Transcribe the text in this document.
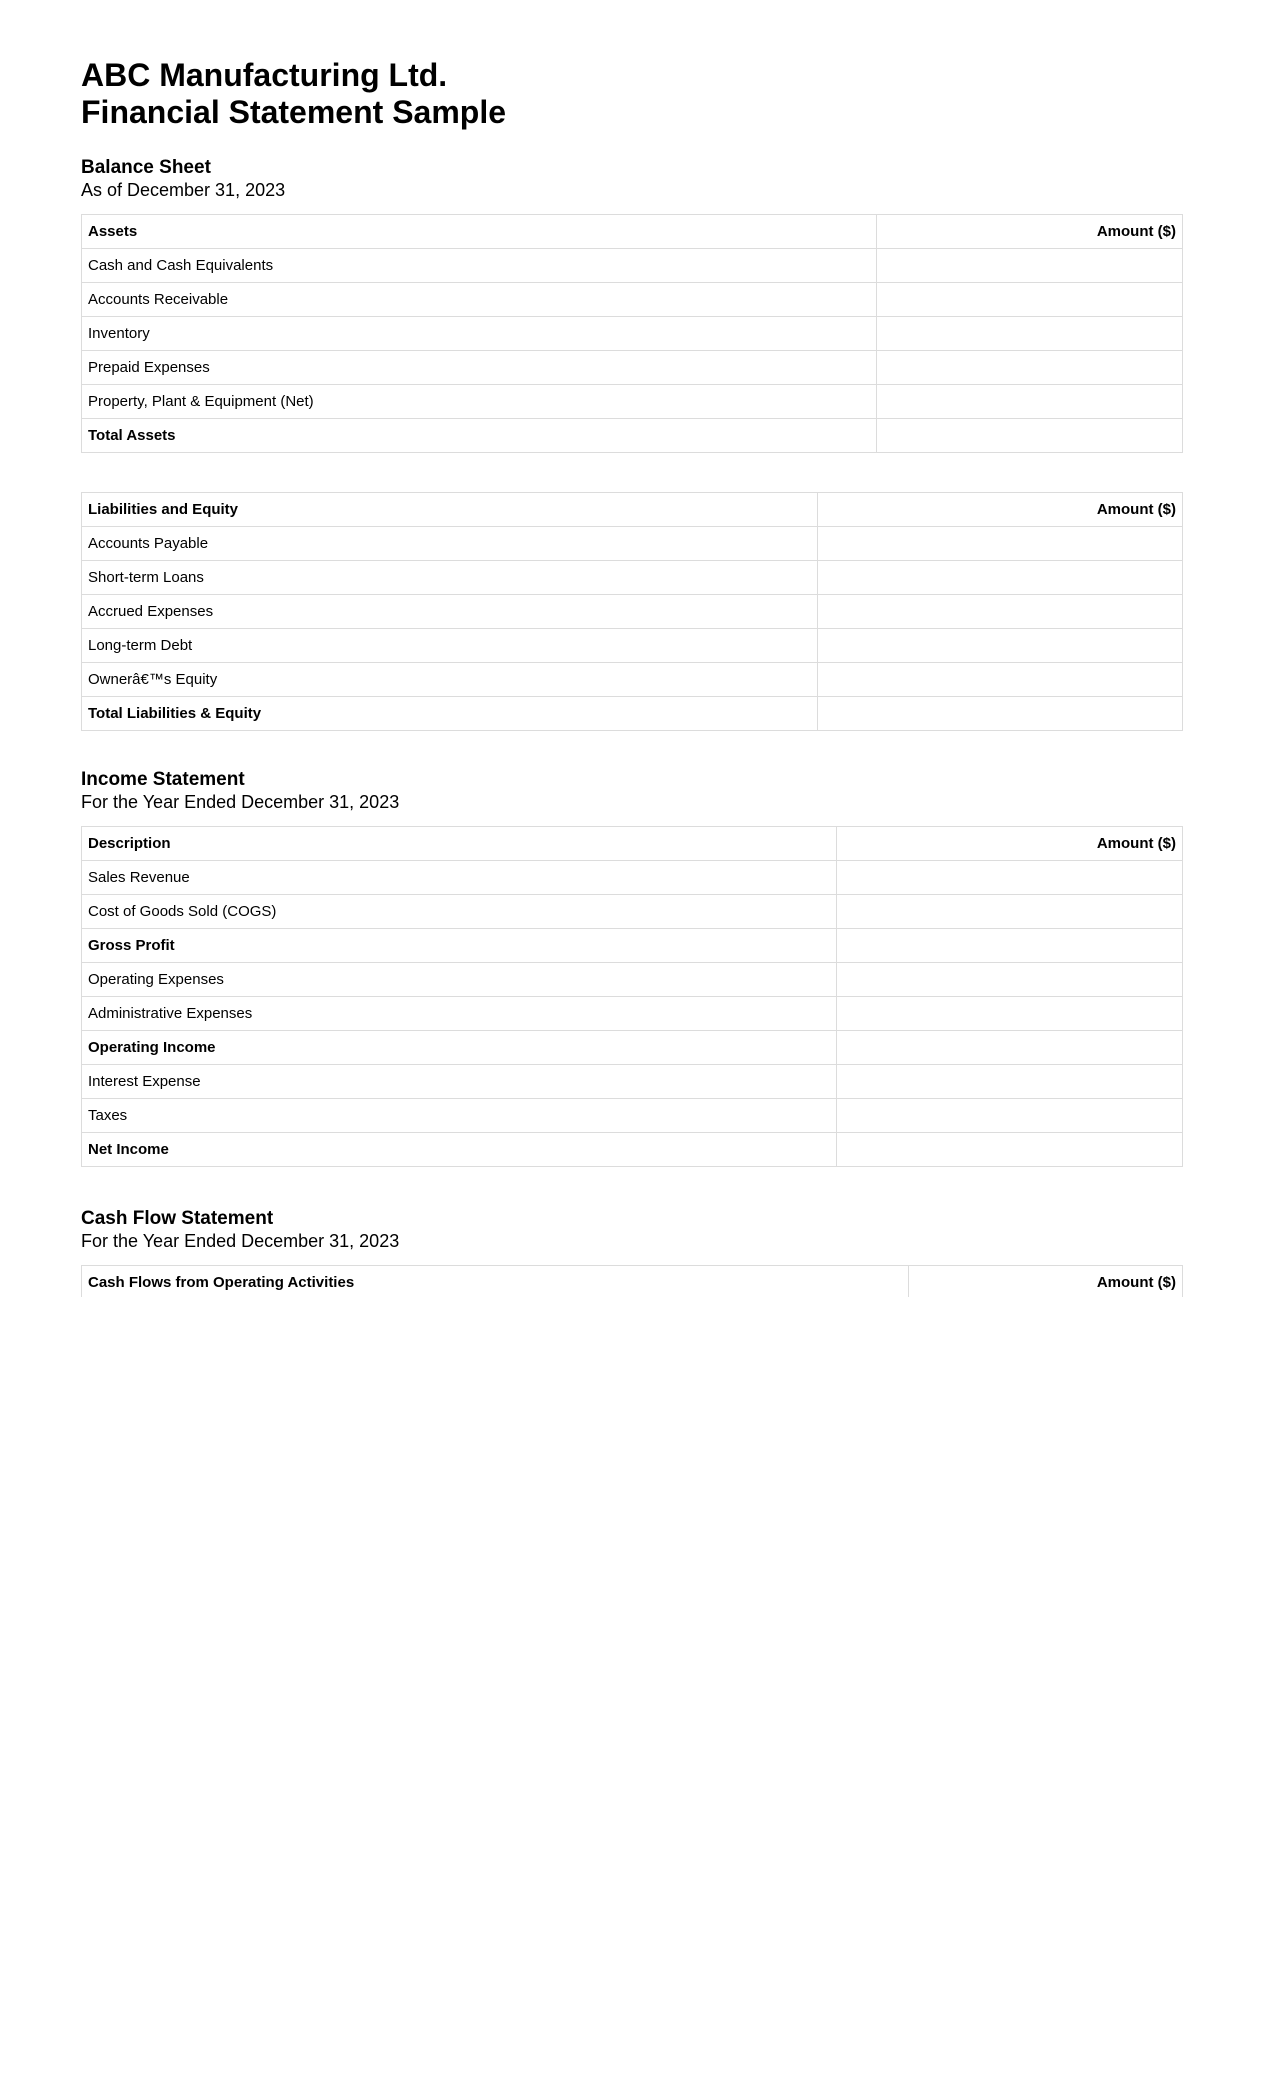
ABC Manufacturing Ltd.
Financial Statement Sample
Balance Sheet
As of December 31, 2023
Assets	Amount ($)
Cash and Cash Equivalents	
Accounts Receivable	
Inventory	
Prepaid Expenses	
Property, Plant & Equipment (Net)	
Total Assets	
Liabilities and Equity	Amount ($)
Accounts Payable	
Short-term Loans	
Accrued Expenses	
Long-term Debt	
Ownerâ€™s Equity	
Total Liabilities & Equity	
Income Statement
For the Year Ended December 31, 2023
Description	Amount ($)
Sales Revenue	
Cost of Goods Sold (COGS)	
Gross Profit	
Operating Expenses	
Administrative Expenses	
Operating Income	
Interest Expense	
Taxes	
Net Income	
Cash Flow Statement
For the Year Ended December 31, 2023
Cash Flows from Operating Activities	Amount ($)
